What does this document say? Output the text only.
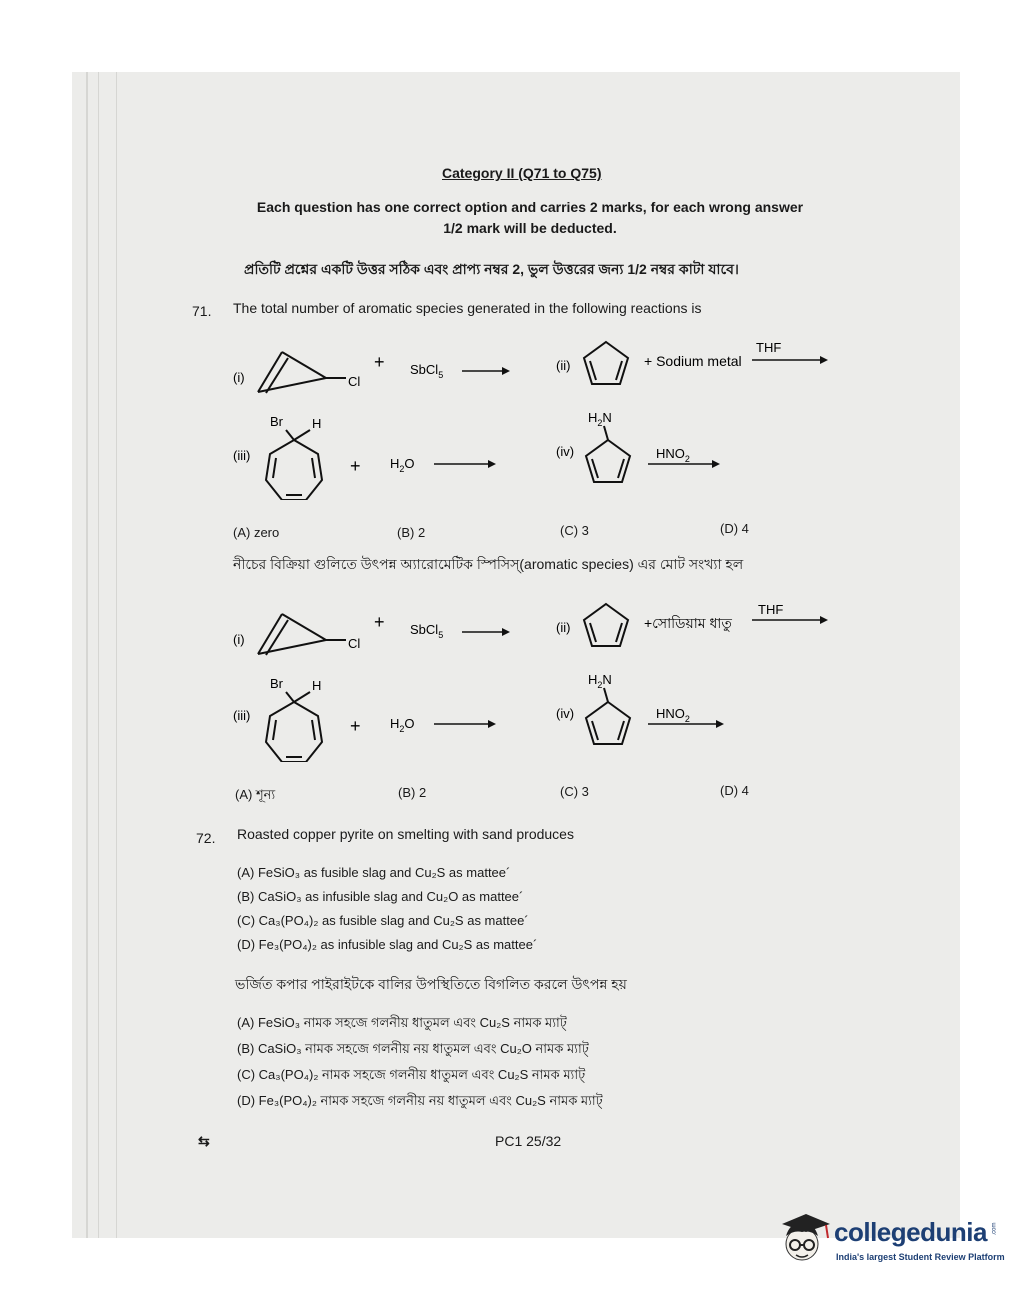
Category II (Q71 to Q75)
Each question has one correct option and carries 2 marks, for each wrong answer
1/2 mark will be deducted.
প্রতিটি প্রশ্নের একটি উত্তর সঠিক এবং প্রাপ্য নম্বর 2, ভুল উত্তরের জন্য 1/2 নম্বর কাটা যাবে।
71. The total number of aromatic species generated in the following reactions is
(i)	Cl
+ SbCl$_5$
(ii)	+ Sodium metal
THF
Br H
(iii)
+ $H_2O$
$H_2N$
(iv)	$HNO_2$
(A) zero	(B) 2	(C) 3	(D) 4
নীচের বিক্রিয়া গুলিতে উৎপন্ন অ্যারোমেটিক স্পিসিস্(aromatic species) এর মোট সংখ্যা হল
(i)	Cl
+ SbCl$_5$	(ii)	+সোডিয়াম ধাতু
THF
Br H
(iii)
+ $H_2O$
$H_2N$
(iv)	$HNO_2$
(A) শূন্য	(B) 2	(C) 3	(D) 4
72. Roasted copper pyrite on smelting with sand produces
(A) FeSiO₃ as fusible slag and Cu₂S as mattee´
(B) CaSiO₃ as infusible slag and Cu₂O as mattee´
(C) Ca₃(PO₄)₂ as fusible slag and Cu₂S as mattee´
(D) Fe₃(PO₄)₂ as infusible slag and Cu₂S as mattee´
ভর্জিত কপার পাইরাইটকে বালির উপস্থিতিতে বিগলিত করলে উৎপন্ন হয়
(A) FeSiO₃ নামক সহজে গলনীয় ধাতুমল এবং Cu₂S নামক ম্যাট্
(B) CaSiO₃ নামক সহজে গলনীয় নয় ধাতুমল এবং Cu₂O নামক ম্যাট্
(C) Ca₃(PO₄)₂ নামক সহজে গলনীয় ধাতুমল এবং Cu₂S নামক ম্যাট্
(D) Fe₃(PO₄)₂ নামক সহজে গলনীয় নয় ধাতুমল এবং Cu₂S নামক ম্যাট্
⇆	PC1 25/32
collegedunia .com
India's largest Student Review Platform
